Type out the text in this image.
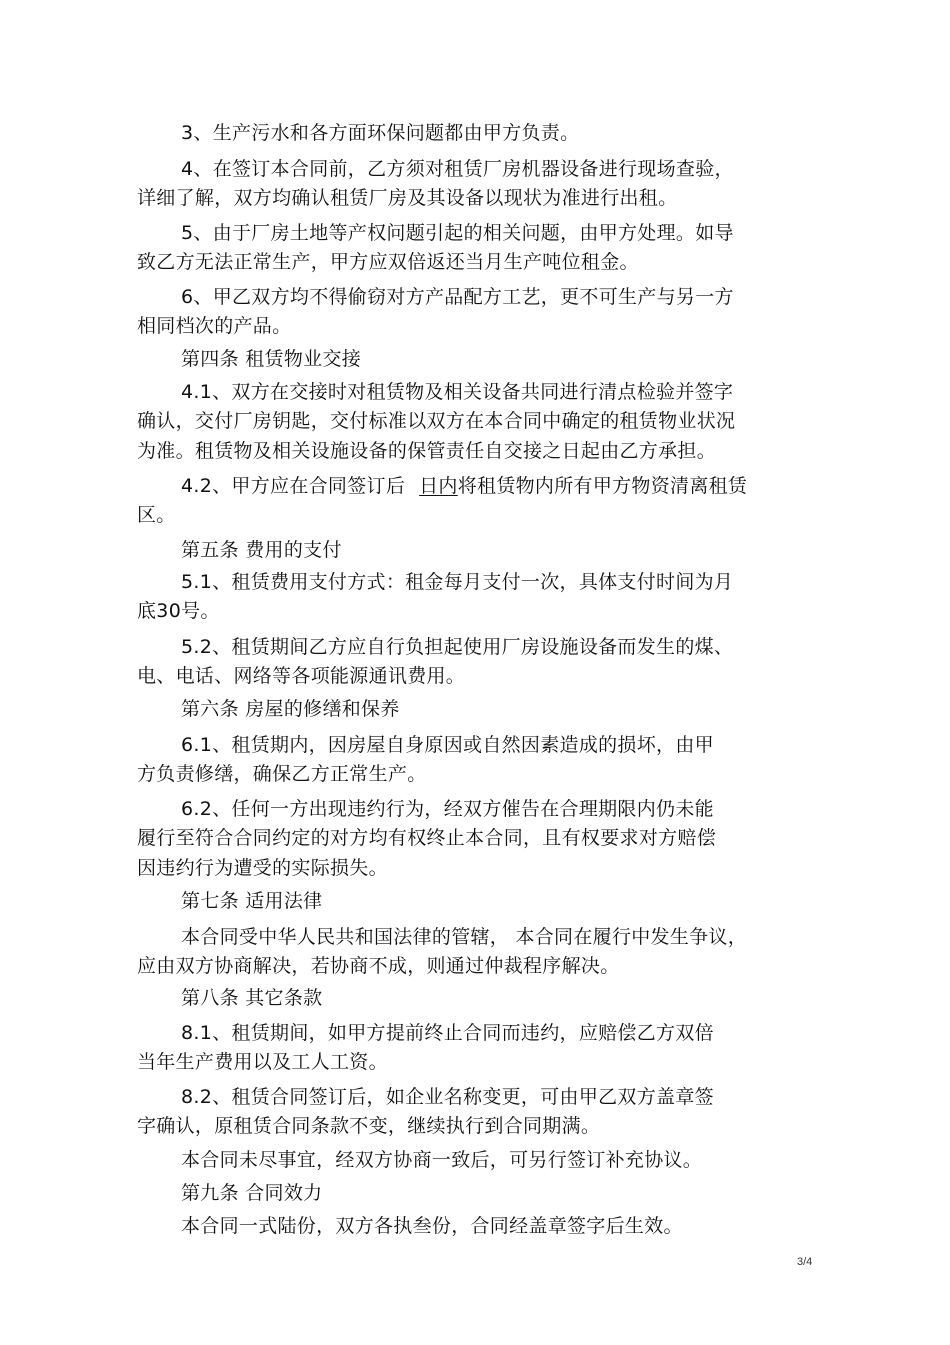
3、生产污水和各方面环保问题都由甲方负责。
4、在签订本合同前，乙方须对租赁厂房机器设备进行现场查验，
详细了解，双方均确认租赁厂房及其设备以现状为准进行出租。
5、由于厂房土地等产权问题引起的相关问题，由甲方处理。如导
致乙方无法正常生产，甲方应双倍返还当月生产吨位租金。
6、甲乙双方均不得偷窃对方产品配方工艺，更不可生产与另一方
相同档次的产品。
第四条 租赁物业交接
4.1、双方在交接时对租赁物及相关设备共同进行清点检验并签字
确认，交付厂房钥匙，交付标准以双方在本合同中确定的租赁物业状况
为准。租赁物及相关设施设备的保管责任自交接之日起由乙方承担。
4.2、甲方应在合同签订后 日内将租赁物内所有甲方物资清离租赁
区。
第五条 费用的支付
5.1、租赁费用支付方式：租金每月支付一次，具体支付时间为月
底30号。
5.2、租赁期间乙方应自行负担起使用厂房设施设备而发生的煤、
电、电话、网络等各项能源通讯费用。
第六条 房屋的修缮和保养
6.1、租赁期内，因房屋自身原因或自然因素造成的损坏，由甲
方负责修缮，确保乙方正常生产。
6.2、任何一方出现违约行为，经双方催告在合理期限内仍未能
履行至符合合同约定的对方均有权终止本合同，且有权要求对方赔偿
因违约行为遭受的实际损失。
第七条 适用法律
本合同受中华人民共和国法律的管辖， 本合同在履行中发生争议，
应由双方协商解决，若协商不成，则通过仲裁程序解决。
第八条 其它条款
8.1、租赁期间，如甲方提前终止合同而违约，应赔偿乙方双倍
当年生产费用以及工人工资。
8.2、租赁合同签订后，如企业名称变更，可由甲乙双方盖章签
字确认，原租赁合同条款不变，继续执行到合同期满。
本合同未尽事宜，经双方协商一致后，可另行签订补充协议。
第九条 合同效力
本合同一式陆份，双方各执叁份，合同经盖章签字后生效。
3/4
